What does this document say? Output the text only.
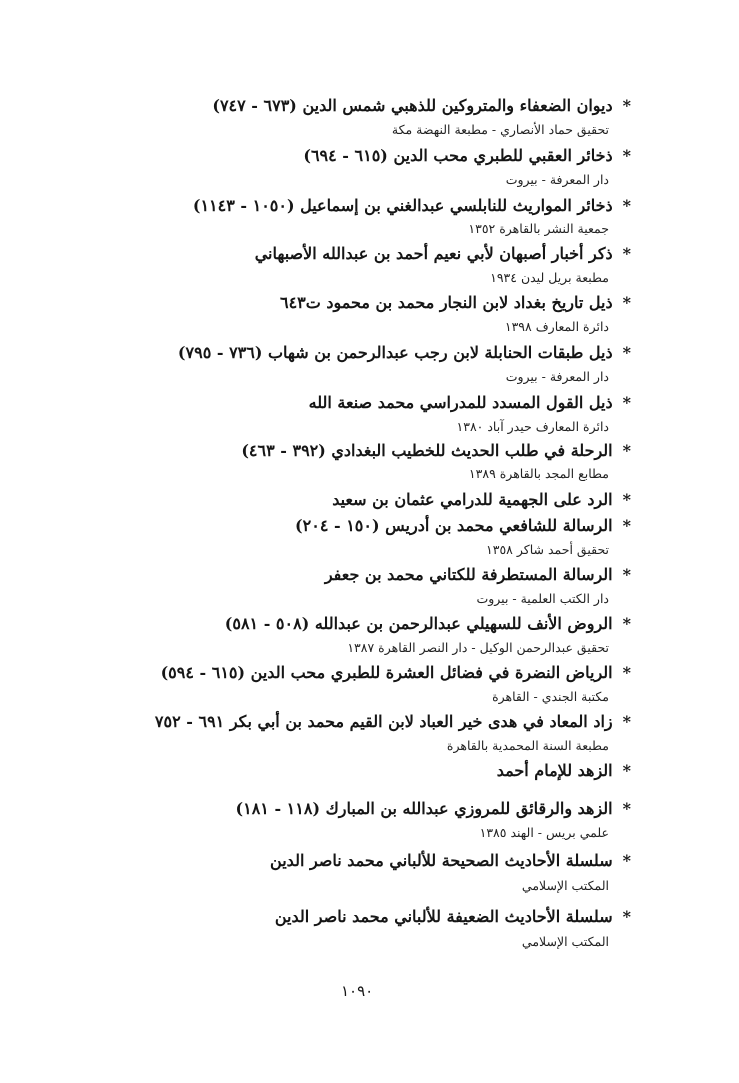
*ديوان الضعفاء والمتروكين للذهبي شمس الدين (٦٧٣ - ٧٤٧)
تحقيق حماد الأنصاري - مطبعة النهضة مكة
*ذخائر العقبي للطبري محب الدين (٦١٥ - ٦٩٤)
دار المعرفة - بيروت
*ذخائر المواريث للنابلسي عبدالغني بن إسماعيل (١٠٥٠ - ١١٤٣)
جمعية النشر بالقاهرة ١٣٥٢
*ذكر أخبار أصبهان لأبي نعيم أحمد بن عبدالله الأصبهاني
مطبعة بريل ليدن ١٩٣٤
*ذيل تاريخ بغداد لابن النجار محمد بن محمود ت٦٤٣
دائرة المعارف ١٣٩٨
*ذيل طبقات الحنابلة لابن رجب عبدالرحمن بن شهاب (٧٣٦ - ٧٩٥)
دار المعرفة - بيروت
*ذيل القول المسدد للمدراسي محمد صنعة الله
دائرة المعارف حيدر آباد ١٣٨٠
*الرحلة في طلب الحديث للخطيب البغدادي (٣٩٢ - ٤٦٣)
مطابع المجد بالقاهرة ١٣٨٩
*الرد على الجهمية للدرامي عثمان بن سعيد
*الرسالة للشافعي محمد بن أدريس (١٥٠ - ٢٠٤)
تحقيق أحمد شاكر ١٣٥٨
*الرسالة المستطرفة للكتاني محمد بن جعفر
دار الكتب العلمية - بيروت
*الروض الأنف للسهيلي عبدالرحمن بن عبدالله (٥٠٨ - ٥٨١)
تحقيق عبدالرحمن الوكيل - دار النصر القاهرة ١٣٨٧
*الرياض النضرة في فضائل العشرة للطبري محب الدين (٦١٥ - ٥٩٤)
مكتبة الجندي - القاهرة
*زاد المعاد في هدى خير العباد لابن القيم محمد بن أبي بكر ٦٩١ - ٧٥٢
مطبعة السنة المحمدية بالقاهرة
*الزهد للإمام أحمد
*الزهد والرقائق للمروزي عبدالله بن المبارك (١١٨ - ١٨١)
علمي بريس - الهند ١٣٨٥
*سلسلة الأحاديث الصحيحة للألباني محمد ناصر الدين
المكتب الإسلامي
*سلسلة الأحاديث الضعيفة للألباني محمد ناصر الدين
المكتب الإسلامي
١٠٩٠
